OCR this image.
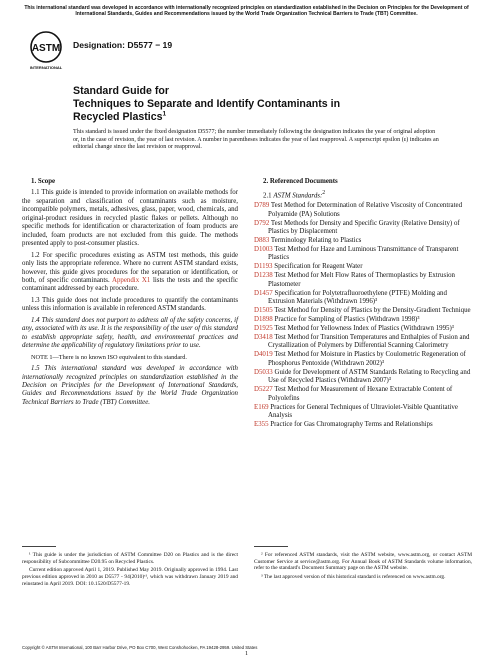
This international standard was developed in accordance with internationally recognized principles on standardization established in the Decision on Principles for the Development of International Standards, Guides and Recommendations issued by the World Trade Organization Technical Barriers to Trade (TBT) Committee.
ASTM
INTERNATIONAL
Designation: D5577 − 19
Standard Guide for
Techniques to Separate and Identify Contaminants in
Recycled Plastics$^1$
This standard is issued under the fixed designation D5577; the number immediately following the designation indicates the year of original adoption or, in the case of revision, the year of last revision. A number in parentheses indicates the year of last reapproval. A superscript epsilon (ε) indicates an editorial change since the last revision or reapproval.
1. Scope

1.1 This guide is intended to provide information on available methods for the separation and classification of contaminants such as moisture, incompatible polymers, metals, adhesives, glass, paper, wood, chemicals, and original-product residues in recycled plastic flakes or pellets. Although no specific methods for identification or characterization of foam products are included, foam products are not excluded from this guide. The methods presented apply to post-consumer plastics.

1.2 For specific procedures existing as ASTM test methods, this guide only lists the appropriate reference. Where no current ASTM standard exists, however, this guide gives procedures for the separation or identification, or both, of specific contaminants. Appendix X1 lists the tests and the specific contaminant addressed by each procedure.

1.3 This guide does not include procedures to quantify the contaminants unless this information is available in referenced ASTM standards.

1.4 This standard does not purport to address all of the safety concerns, if any, associated with its use. It is the responsibility of the user of this standard to establish appropriate safety, health, and environmental practices and determine the applicability of regulatory limitations prior to use.

NOTE 1—There is no known ISO equivalent to this standard.

1.5 This international standard was developed in accordance with internationally recognized principles on standardization established in the Decision on Principles for the Development of International Standards, Guides and Recommendations issued by the World Trade Organization Technical Barriers to Trade (TBT) Committee.

2. Referenced Documents
2.1 ASTM Standards:$^2$
D789 Test Method for Determination of Relative Viscosity of Concentrated Polyamide (PA) Solutions
D792 Test Methods for Density and Specific Gravity (Relative Density) of Plastics by Displacement
D883 Terminology Relating to Plastics
D1003 Test Method for Haze and Luminous Transmittance of Transparent Plastics
D1193 Specification for Reagent Water
D1238 Test Method for Melt Flow Rates of Thermoplastics by Extrusion Plastometer
D1457 Specification for Polytetrafluoroethylene (PTFE) Molding and Extrusion Materials (Withdrawn 1996)³
D1505 Test Method for Density of Plastics by the Density-Gradient Technique
D1898 Practice for Sampling of Plastics (Withdrawn 1998)³
D1925 Test Method for Yellowness Index of Plastics (Withdrawn 1995)³
D3418 Test Method for Transition Temperatures and Enthalpies of Fusion and Crystallization of Polymers by Differential Scanning Calorimetry
D4019 Test Method for Moisture in Plastics by Coulometric Regeneration of Phosphorus Pentoxide (Withdrawn 2002)³
D5033 Guide for Development of ASTM Standards Relating to Recycling and Use of Recycled Plastics (Withdrawn 2007)³
D5227 Test Method for Measurement of Hexane Extractable Content of Polyolefins
E169 Practices for General Techniques of Ultraviolet-Visible Quantitative Analysis
E355 Practice for Gas Chromatography Terms and Relationships

¹ This guide is under the jurisdiction of ASTM Committee D20 on Plastics and is the direct responsibility of Subcommittee D20.95 on Recycled Plastics.

Current edition approved April 1, 2019. Published May 2019. Originally approved in 1994. Last previous edition approved in 2010 as D5577 - 94(2010)ᵋ¹, which was withdrawn January 2019 and reinstated in April 2019. DOI: 10.1520/D5577-19.

² For referenced ASTM standards, visit the ASTM website, www.astm.org, or contact ASTM Customer Service at service@astm.org. For Annual Book of ASTM Standards volume information, refer to the standard's Document Summary page on the ASTM website.

³ The last approved version of this historical standard is referenced on www.astm.org.

Copyright © ASTM International, 100 Barr Harbor Drive, PO Box C700, West Conshohocken, PA 19428-2959. United States
1
